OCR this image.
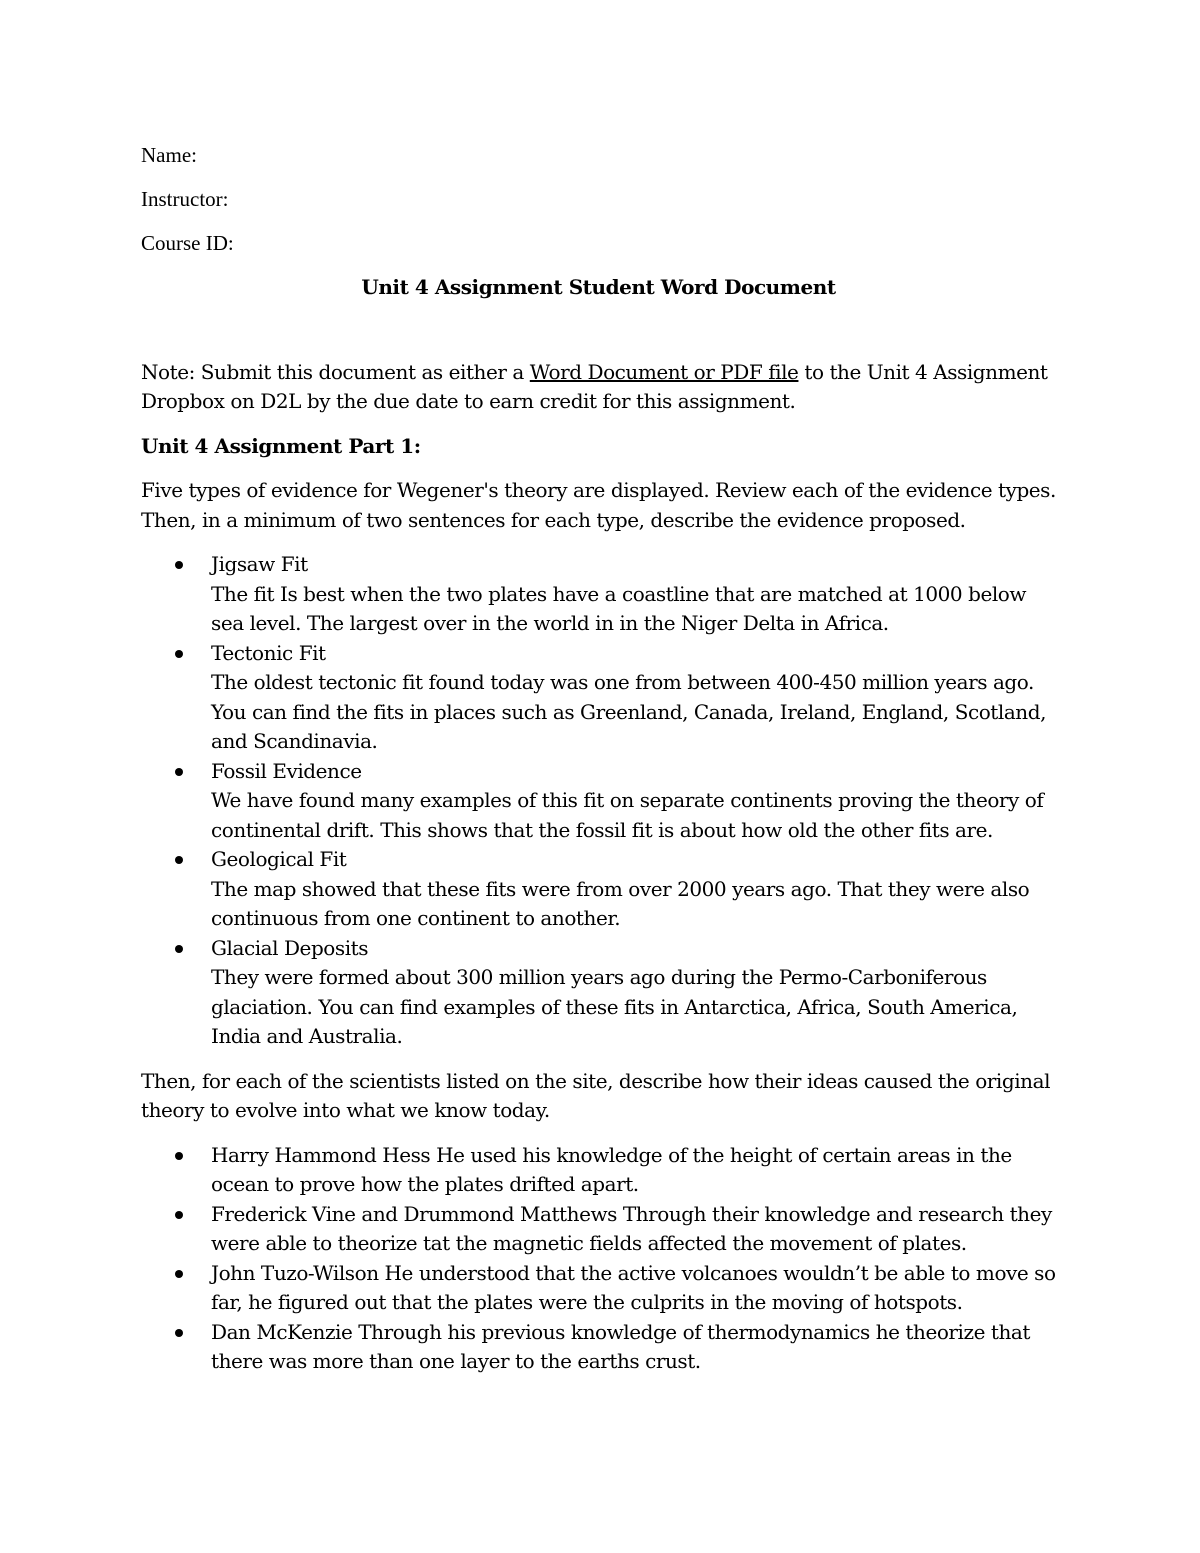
Name:
Instructor:
Course ID:
Unit 4 Assignment Student Word Document
Note: Submit this document as either a Word Document or PDF file to the Unit 4 Assignment Dropbox on D2L by the due date to earn credit for this assignment.
Unit 4 Assignment Part 1:
Five types of evidence for Wegener's theory are displayed. Review each of the evidence types. Then, in a minimum of two sentences for each type, describe the evidence proposed.
Jigsaw Fit
The fit Is best when the two plates have a coastline that are matched at 1000 below sea level. The largest over in the world in in the Niger Delta in Africa.
Tectonic Fit
The oldest tectonic fit found today was one from between 400-450 million years ago. You can find the fits in places such as Greenland, Canada, Ireland, England, Scotland, and Scandinavia.
Fossil Evidence
We have found many examples of this fit on separate continents proving the theory of continental drift. This shows that the fossil fit is about how old the other fits are.
Geological Fit
The map showed that these fits were from over 2000 years ago. That they were also continuous from one continent to another.
Glacial Deposits
They were formed about 300 million years ago during the Permo-Carboniferous glaciation. You can find examples of these fits in Antarctica, Africa, South America, India and Australia.
Then, for each of the scientists listed on the site, describe how their ideas caused the original theory to evolve into what we know today.
Harry Hammond Hess He used his knowledge of the height of certain areas in the ocean to prove how the plates drifted apart.
Frederick Vine and Drummond Matthews Through their knowledge and research they were able to theorize tat the magnetic fields affected the movement of plates.
John Tuzo-Wilson He understood that the active volcanoes wouldn’t be able to move so far, he figured out that the plates were the culprits in the moving of hotspots.
Dan McKenzie Through his previous knowledge of thermodynamics he theorize that there was more than one layer to the earths crust.
